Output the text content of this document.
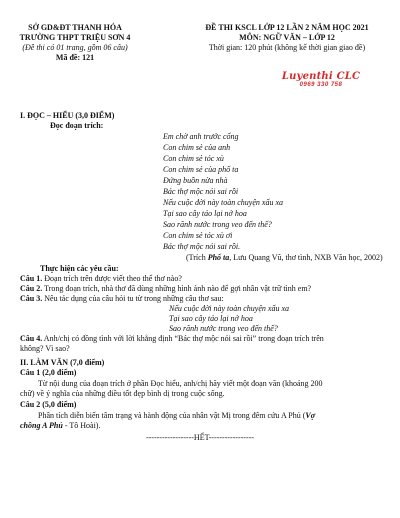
SỞ GD&ĐT THANH HÓA
TRƯỜNG THPT TRIỆU SƠN 4
(Đề thi có 01 trang, gồm 06 câu)
Mã đề: 121
ĐỀ THI KSCL LỚP 12 LẦN 2 NĂM HỌC 2021
MÔN: NGỮ VĂN – LỚP 12
Thời gian: 120 phút (không kể thời gian giao đề)
Luyenthi CLC
0969 330 758
I. ĐỌC – HIỂU (3,0 ĐIỂM)
Đọc đoạn trích:
Em chờ anh trước cổng
Con chim sẻ của anh
Con chim sẻ tóc xù
Con chim sẻ của phố ta
Đứng buồn nửa nhà
Bác thợ mộc nói sai rồi
Nếu cuộc đời này toàn chuyện xấu xa
Tại sao cây táo lại nở hoa
Sao rãnh nước trong veo đến thế?
Con chim sẻ tóc xù ơi
Bác thợ mộc nói sai rồi.
(Trích Phố ta, Lưu Quang Vũ, thơ tình, NXB Văn học, 2002)
Thực hiện các yêu cầu:
Câu 1. Đoạn trích trên được viết theo thể thơ nào?
Câu 2. Trong đoạn trích, nhà thơ đã dùng những hình ảnh nào để gợi nhân vật trữ tình em?
Câu 3. Nêu tác dụng của câu hỏi tu từ trong những câu thơ sau:
Nếu cuộc đời này toàn chuyện xấu xa
Tại sao cây táo lại nở hoa
Sao rãnh nước trong veo đến thế?
Câu 4. Anh/chị có đồng tình với lời khẳng định “Bác thợ mộc nói sai rồi” trong đoạn trích trên
không? Vì sao?
II. LÀM VĂN (7,0 điểm)
Câu 1 (2,0 điểm)
Từ nội dung của đoạn trích ở phần Đọc hiểu, anh/chị hãy viết một đoạn văn (khoảng 200
chữ) về ý nghĩa của những điều tốt đẹp bình dị trong cuộc sống.
Câu 2 (5,0 điểm)
Phân tích diễn biến tâm trạng và hành động của nhân vật Mị trong đêm cứu A Phủ (Vợ
chồng A Phủ - Tô Hoài).
------------------HẾT-----------------
